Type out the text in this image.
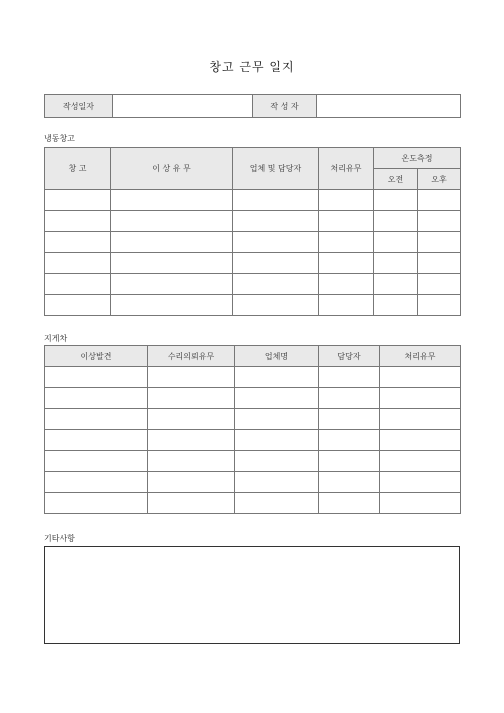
창고 근무 일지
작성일자		작 성 자	
냉동창고
창 고	이 상 유 무	업체 및 담당자	처리유무	온도측정	
				오전	오후

지게차
이상발견	수리의뢰유무	업체명	담당자	처리유무

기타사항
